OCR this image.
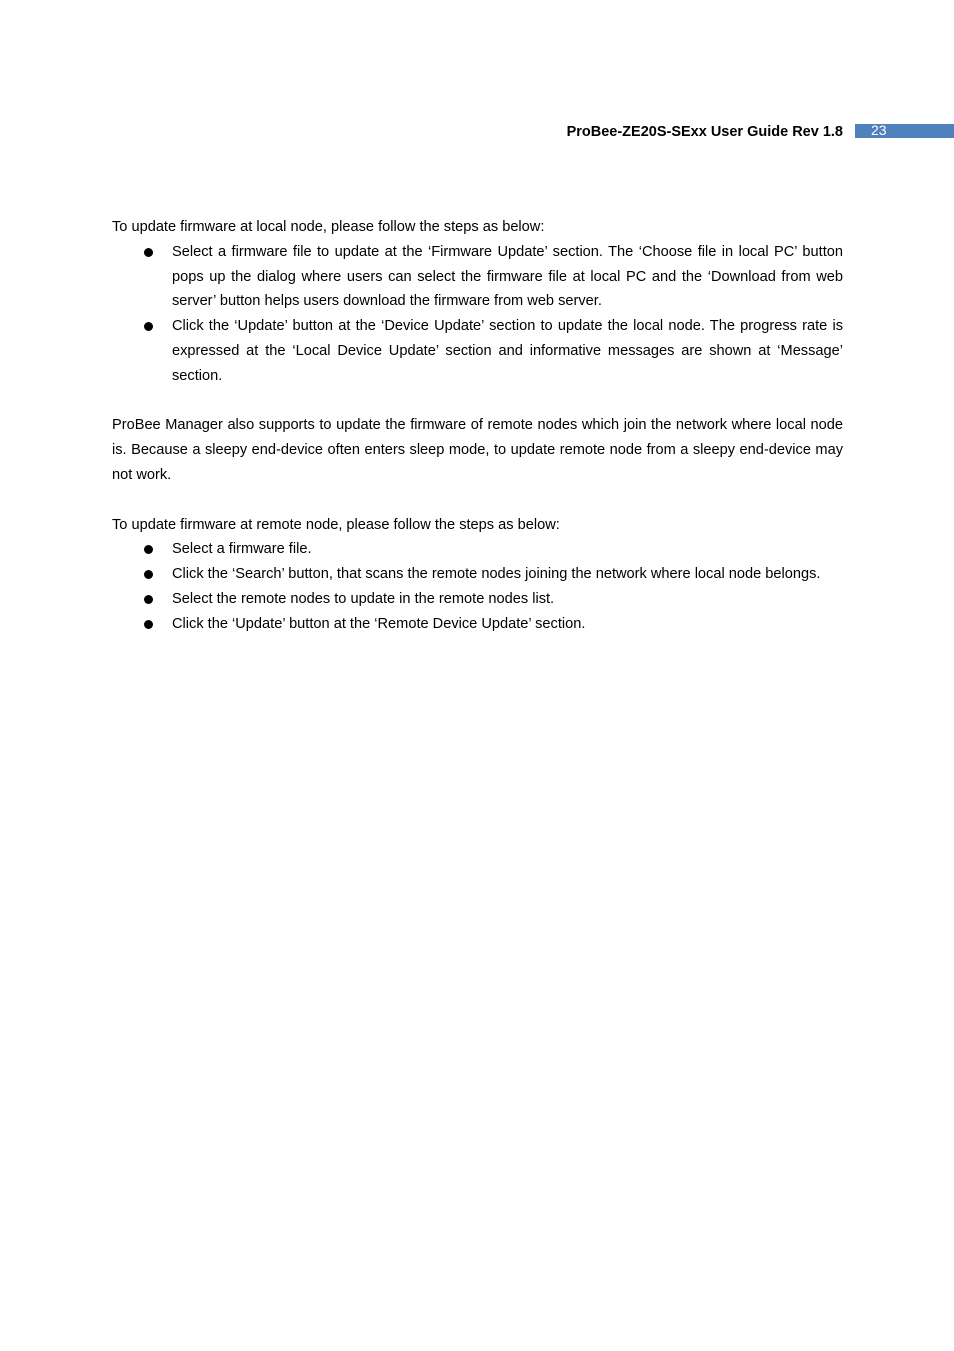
ProBee-ZE20S-SExx User Guide Rev 1.8 23

To update firmware at local node, please follow the steps as below:

Select a firmware file to update at the ‘Firmware Update’ section. The ‘Choose file in local PC’ button pops up the dialog where users can select the firmware file at local PC and the ‘Download from web server’ button helps users download the firmware from web server.
Click the ‘Update’ button at the ‘Device Update’ section to update the local node. The progress rate is expressed at the ‘Local Device Update’ section and informative messages are shown at ‘Message’ section.

ProBee Manager also supports to update the firmware of remote nodes which join the network where local node is. Because a sleepy end-device often enters sleep mode, to update remote node from a sleepy end-device may not work.

To update firmware at remote node, please follow the steps as below:

Select a firmware file.
Click the ‘Search’ button, that scans the remote nodes joining the network where local node belongs.
Select the remote nodes to update in the remote nodes list.
Click the ‘Update’ button at the ‘Remote Device Update’ section.
